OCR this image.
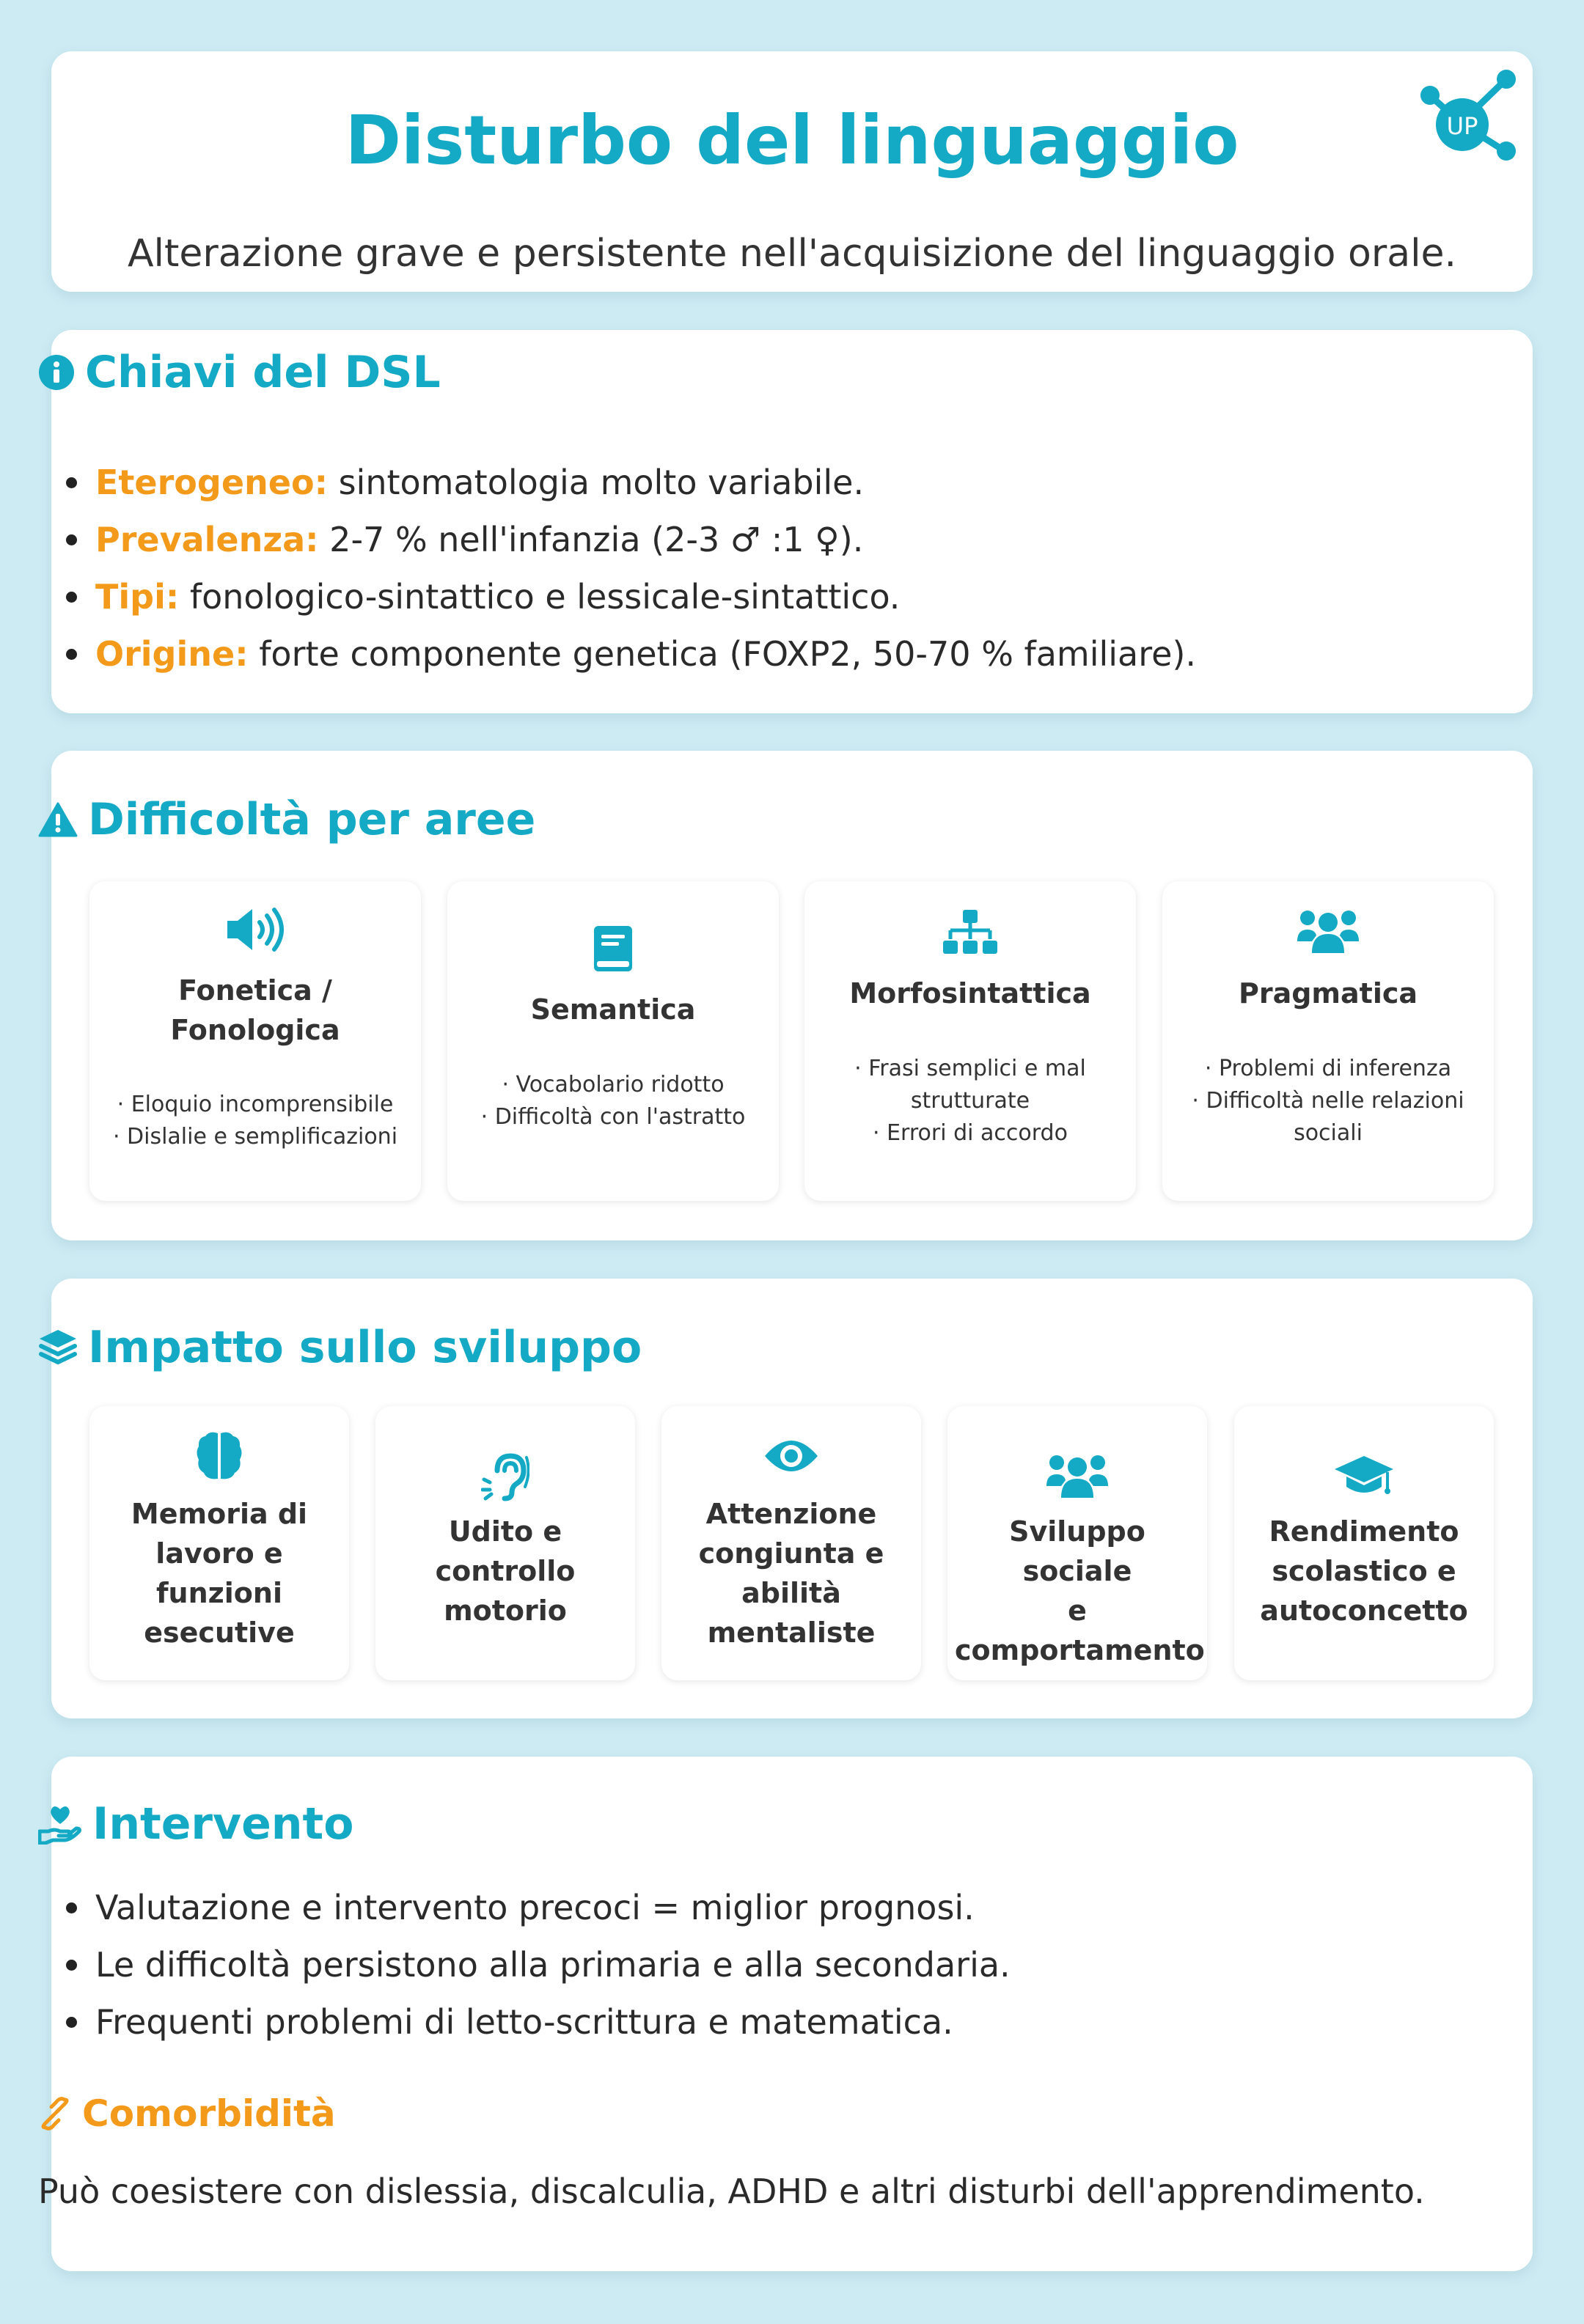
Disturbo del linguaggio
Alterazione grave e persistente nell'acquisizione del linguaggio orale.
UP
Chiavi del DSL
Eterogeneo: sintomatologia molto variabile.
Prevalenza: 2-7 % nell'infanzia (2-3 ♂ :1 ♀).
Tipi: fonologico-sintattico e lessicale-sintattico.
Origine: forte componente genetica (FOXP2, 50-70 % familiare).
Difficoltà per aree
Fonetica /
Fonologica
· Eloquio incomprensibile
· Dislalie e semplificazioni
Semantica
· Vocabolario ridotto
· Difficoltà con l'astratto
Morfosintattica
· Frasi semplici e mal
strutturate
· Errori di accordo
Pragmatica
· Problemi di inferenza
· Difficoltà nelle relazioni
sociali
Impatto sullo sviluppo
Memoria di
lavoro e
funzioni
esecutive
Udito e
controllo
motorio
Attenzione
congiunta e
abilità
mentaliste
Sviluppo sociale
e
comportamento
Rendimento
scolastico e
autoconcetto
Intervento
Valutazione e intervento precoci = miglior prognosi.
Le difficoltà persistono alla primaria e alla secondaria.
Frequenti problemi di letto-scrittura e matematica.
Comorbidità
Può coesistere con dislessia, discalculia, ADHD e altri disturbi dell'apprendimento.
